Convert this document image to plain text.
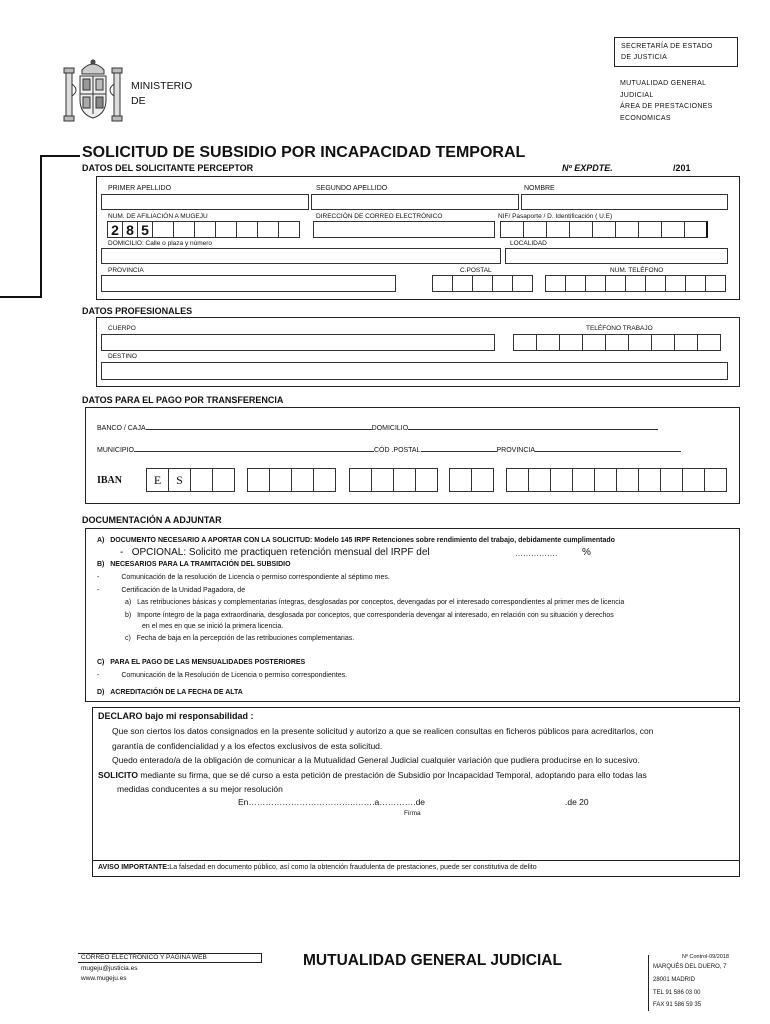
MINISTERIO
DE
SECRETARÍA DE ESTADO
DE JUSTICIA
MUTUALIDAD GENERAL
JUDICIAL
ÁREA DE PRESTACIONES
ECONOMICAS
SOLICITUD DE SUBSIDIO POR INCAPACIDAD TEMPORAL
DATOS DEL SOLICITANTE PERCEPTOR	Nº EXPDTE.	/201
PRIMER APELLIDO	SEGUNDO APELLIDO	NOMBRE
NUM. DE AFILIACIÓN A MUGEJU	DIRECCIÓN DE CORREO ELECTRÓNICO	NIF/ Pasaporte / D. Identificación ( U.E)
2 8 5
DOMICILIO: Calle o plaza y número	LOCALIDAD
PROVINCIA	C.POSTAL	NUM. TELÉFONO
DATOS PROFESIONALES
CUERPO	TELÉFONO TRABAJO
DESTINO
DATOS PARA EL PAGO POR TRANSFERENCIA
BANCO / CAJA	DOMICILIO
MUNICIPIO	CÓD .POSTAL	PROVINCIA
IBAN	E	S
DOCUMENTACIÓN A ADJUNTAR
A) DOCUMENTO NECESARIO A APORTAR CON LA SOLICITUD: Modelo 145 IRPF Retenciones sobre rendimiento del trabajo, debidamente cumplimentado
- OPCIONAL: Solicito me practiquen retención mensual del IRPF del	……………. %
B) NECESARIOS PARA LA TRAMITACIÓN DEL SUBSIDIO
-	Comunicación de la resolución de Licencia o permiso correspondiente al séptimo mes.
-	Certificación de la Unidad Pagadora, de
a) Las retribuciones básicas y complementarias íntegras, desglosadas por conceptos, devengadas por el interesado correspondientes al primer mes de licencia
b) Importe íntegro de la paga extraordinaria, desglosada por conceptos, que correspondería devengar al interesado, en relación con su situación y derechos
en el mes en que se inició la primera licencia.
c) Fecha de baja en la percepción de las retribuciones complementarias.
C) PARA EL PAGO DE LAS MENSUALIDADES POSTERIORES
-	Comunicación de la Resolución de Licencia o permiso correspondientes.
D) ACREDITACIÓN DE LA FECHA DE ALTA
DECLARO bajo mi responsabilidad :
Que son ciertos los datos consignados en la presente solicitud y autorizo a que se realicen consultas en ficheros públicos para acreditarlos, con
garantía de confidencialidad y a los efectos exclusivos de esta solicitud.
Quedo enterado/a de la obligación de comunicar a la Mutualidad General Judicial cualquier variación que pudiera producirse en lo sucesivo.
SOLICITO mediante su firma, que se dé curso a esta petición de prestación de Subsidio por Incapacidad Temporal, adoptando para ello todas las
medidas conducentes a su mejor resolución
En………………………………..…….a………….de	.de 20
Firma
AVISO IMPORTANTE:La falsedad en documento público, así como la obtención fraudulenta de prestaciones, puede ser constitutiva de delito
CORREO ELECTRÓNICO Y PÁGINA WEB
mugeju@justicia.es
www.mugeju.es
MUTUALIDAD GENERAL JUDICIAL	Nº Control-09/2018
MARQUÉS DEL DUERO, 7
28001 MADRID
TEL 91 586 03 00
FAX 91 586 59 35
